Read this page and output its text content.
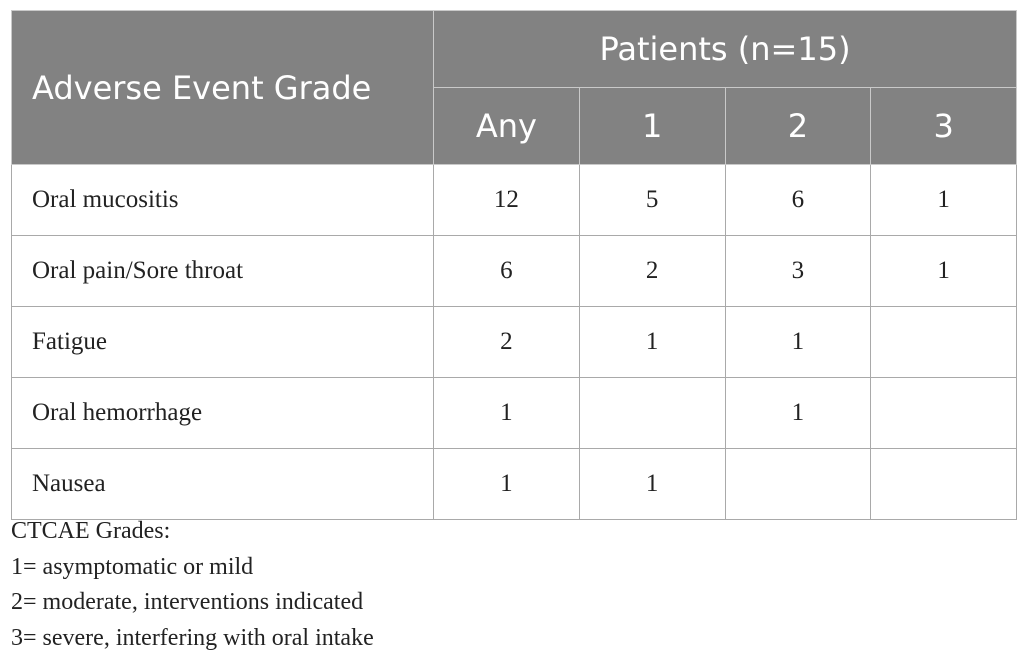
Adverse Event Grade	Patients (n=15)			
	Any	1	2	3
Oral mucositis	12	5	6	1
Oral pain/Sore throat	6	2	3	1
Fatigue	2	1	1	
Oral hemorrhage	1		1	
Nausea	1	1		
CTCAE Grades:
1= asymptomatic or mild
2= moderate, interventions indicated
3= severe, interfering with oral intake
